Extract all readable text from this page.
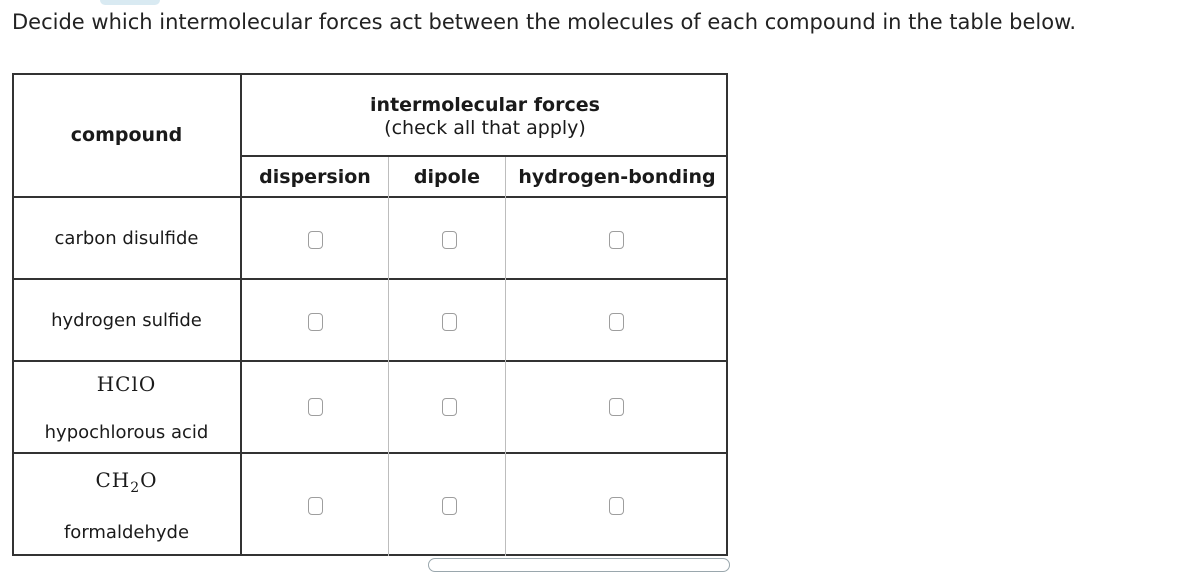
Decide which intermolecular forces act between the molecules of each compound in the table below.
compound
intermolecular forces
(check all that apply)
dispersion dipole hydrogen-bonding
carbon disulfide
hydrogen sulfide
HClO
hypochlorous acid
$CH_2O$
formaldehyde
